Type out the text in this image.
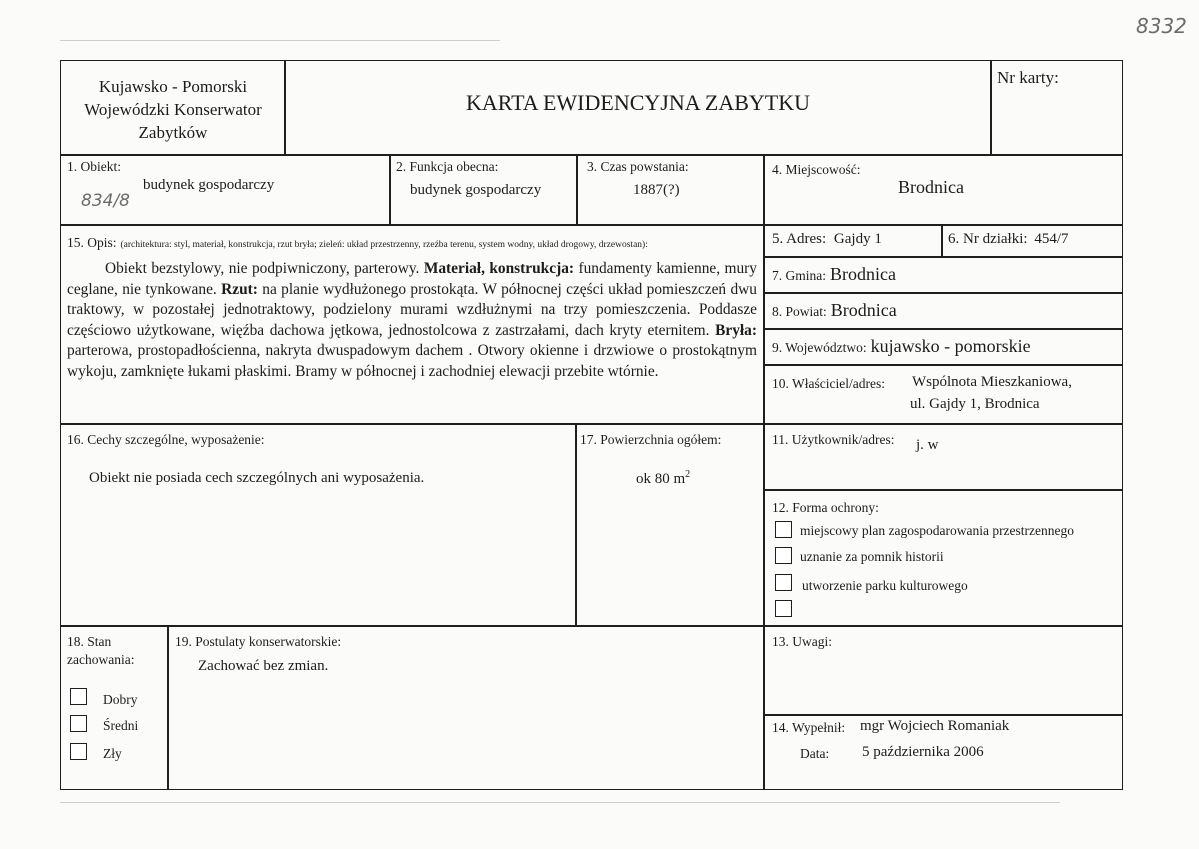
8332
Kujawsko - Pomorski
Wojewódzki Konserwator
Zabytków
KARTA EWIDENCYJNA ZABYTKU
Nr karty:
1. Obiekt:
budynek gospodarczy
834/8
2. Funkcja obecna:
budynek gospodarczy
3. Czas powstania:
1887(?)
4. Miejscowość:
Brodnica
15. Opis: (architektura: styl, materiał, konstrukcja, rzut bryła; zieleń: układ przestrzenny, rzeźba terenu, system wodny, układ drogowy, drzewostan):
Obiekt bezstylowy, nie podpiwniczony, parterowy. Materiał, konstrukcja: fundamenty kamienne, mury ceglane, nie tynkowane. Rzut: na planie wydłużonego prostokąta. W północnej części układ pomieszczeń dwu traktowy, w pozostałej jednotraktowy, podzielony murami wzdłużnymi na trzy pomieszczenia. Poddasze częściowo użytkowane, więźba dachowa jętkowa, jednostolcowa z zastrzałami, dach kryty eternitem. Bryła: parterowa, prostopadłościenna, nakryta dwuspadowym dachem . Otwory okienne i drzwiowe o prostokątnym wykoju, zamknięte łukami płaskimi. Bramy w północnej i zachodniej elewacji przebite wtórnie.
5. Adres: Gajdy 1	6. Nr działki: 454/7
7. Gmina: Brodnica
8. Powiat: Brodnica
9. Województwo: kujawsko - pomorskie
10. Właściciel/adres: Wspólnota Mieszkaniowa,
ul. Gajdy 1, Brodnica
16. Cechy szczególne, wyposażenie:
Obiekt nie posiada cech szczególnych ani wyposażenia.
17. Powierzchnia ogółem:
ok 80 $m^2$
11. Użytkownik/adres: j. w
12. Forma ochrony:
miejscowy plan zagospodarowania przestrzennego
uznanie za pomnik historii
utworzenie parku kulturowego
18. Stan
zachowania:
Dobry
Średni
Zły
19. Postulaty konserwatorskie:
Zachować bez zmian.
13. Uwagi:
14. Wypełnił: mgr Wojciech Romaniak
Data: 5 października 2006
